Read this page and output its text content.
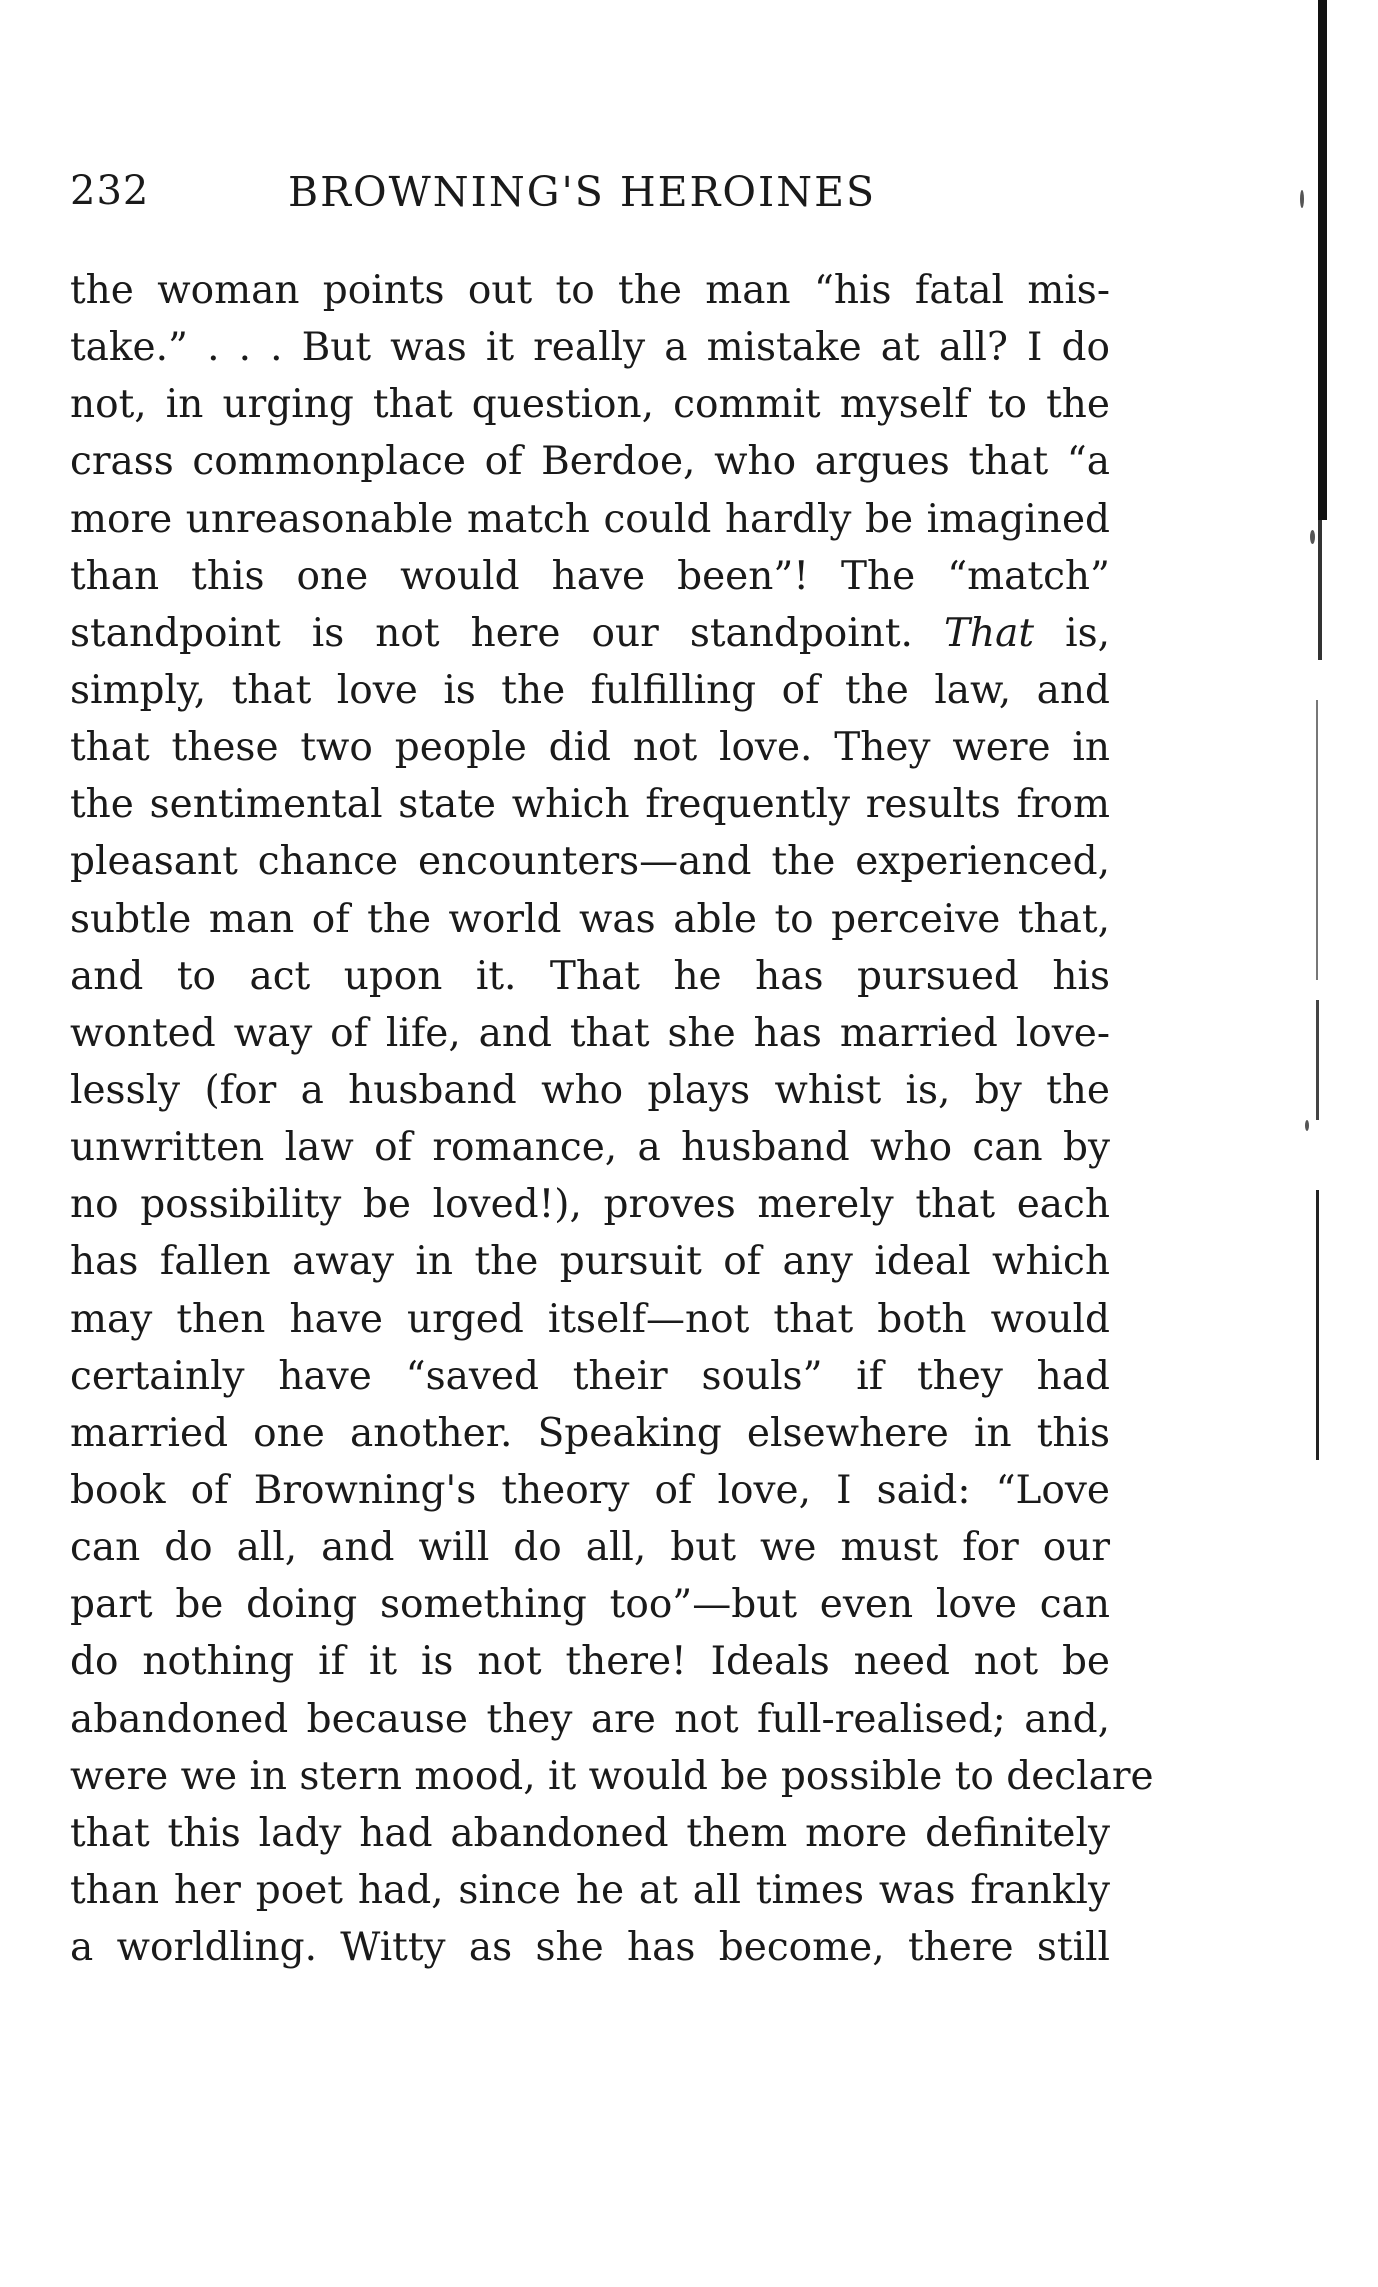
232	BROWNING'S HEROINES
the woman points out to the man “his fatal mis-
take.” . . . But was it really a mistake at all? I do
not, in urging that question, commit myself to the
crass commonplace of Berdoe, who argues that “a
more unreasonable match could hardly be imagined
than this one would have been”! The “match”
standpoint is not here our standpoint. That is,
simply, that love is the fulfilling of the law, and
that these two people did not love. They were in
the sentimental state which frequently results from
pleasant chance encounters—and the experienced,
subtle man of the world was able to perceive that,
and to act upon it. That he has pursued his
wonted way of life, and that she has married love-
lessly (for a husband who plays whist is, by the
unwritten law of romance, a husband who can by
no possibility be loved!), proves merely that each
has fallen away in the pursuit of any ideal which
may then have urged itself—not that both would
certainly have “saved their souls” if they had
married one another. Speaking elsewhere in this
book of Browning's theory of love, I said: “Love
can do all, and will do all, but we must for our
part be doing something too”—but even love can
do nothing if it is not there! Ideals need not be
abandoned because they are not full-realised; and,
were we in stern mood, it would be possible to declare
that this lady had abandoned them more definitely
than her poet had, since he at all times was frankly
a worldling. Witty as she has become, there still
